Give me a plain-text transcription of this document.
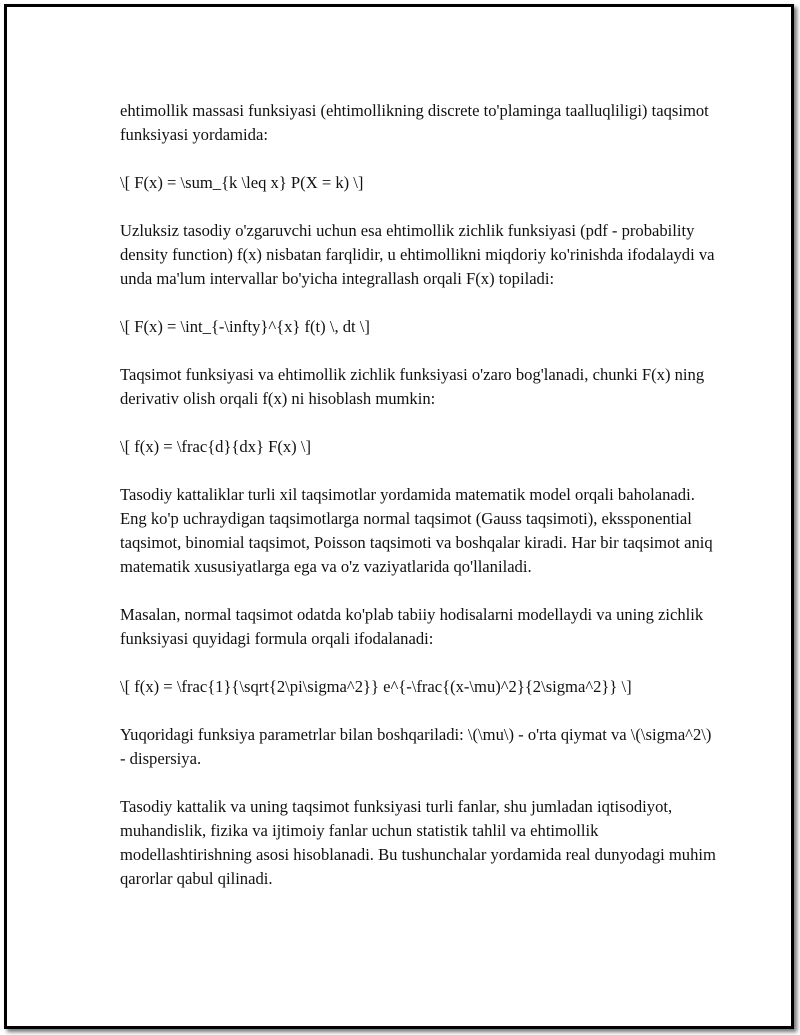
ehtimollik massasi funksiyasi (ehtimollikning discrete to'plaminga taalluqliligi) taqsimot funksiyasi yordamida:

\[ F(x) = \sum_{k \leq x} P(X = k) \]

Uzluksiz tasodiy o'zgaruvchi uchun esa ehtimollik zichlik funksiyasi (pdf - probability density function) f(x) nisbatan farqlidir, u ehtimollikni miqdoriy ko'rinishda ifodalaydi va unda ma'lum intervallar bo'yicha integrallash orqali F(x) topiladi:

\[ F(x) = \int_{-\infty}^{x} f(t) \, dt \]

Taqsimot funksiyasi va ehtimollik zichlik funksiyasi o'zaro bog'lanadi, chunki F(x) ning derivativ olish orqali f(x) ni hisoblash mumkin:

\[ f(x) = \frac{d}{dx} F(x) \]

Tasodiy kattaliklar turli xil taqsimotlar yordamida matematik model orqali baholanadi. Eng ko'p uchraydigan taqsimotlarga normal taqsimot (Gauss taqsimoti), ekssponential taqsimot, binomial taqsimot, Poisson taqsimoti va boshqalar kiradi. Har bir taqsimot aniq matematik xususiyatlarga ega va o'z vaziyatlarida qo'llaniladi.

Masalan, normal taqsimot odatda ko'plab tabiiy hodisalarni modellaydi va uning zichlik funksiyasi quyidagi formula orqali ifodalanadi:

\[ f(x) = \frac{1}{\sqrt{2\pi\sigma^2}} e^{-\frac{(x-\mu)^2}{2\sigma^2}} \]

Yuqoridagi funksiya parametrlar bilan boshqariladi: \(\mu\) - o'rta qiymat va \(\sigma^2\) - dispersiya.

Tasodiy kattalik va uning taqsimot funksiyasi turli fanlar, shu jumladan iqtisodiyot, muhandislik, fizika va ijtimoiy fanlar uchun statistik tahlil va ehtimollik modellashtirishning asosi hisoblanadi. Bu tushunchalar yordamida real dunyodagi muhim qarorlar qabul qilinadi.
